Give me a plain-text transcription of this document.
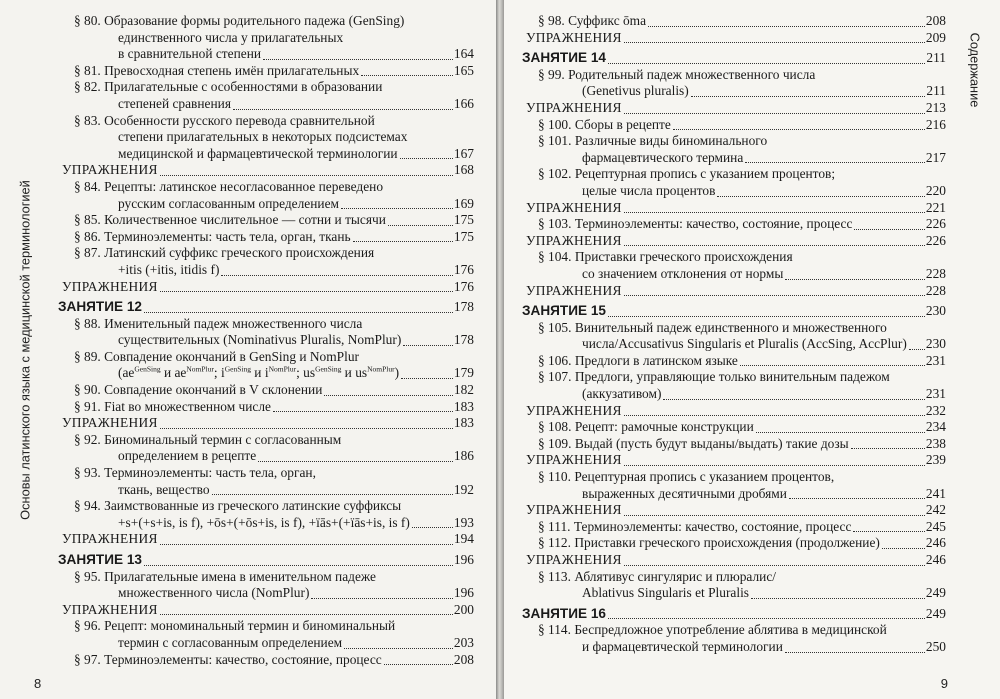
Основы латинского языка с медицинской терминологией
§ 80. Образование формы родительного падежа (GenSing)
единственного числа у прилагательных
в сравнительной степени	164
§ 81. Превосходная степень имён прилагательных	165
§ 82. Прилагательные с особенностями в образовании
степеней сравнения	166
§ 83. Особенности русского перевода сравнительной
степени прилагательных в некоторых подсистемах
медицинской и фармацевтической терминологии	167
УПРАЖНЕНИЯ	168
§ 84. Рецепты: латинское несогласованное переведено
русским согласованным определением	169
§ 85. Количественное числительное — сотни и тысячи	175
§ 86. Терминоэлементы: часть тела, орган, ткань	175
§ 87. Латинский суффикс греческого происхождения
+itis (+itis, itidis f)	176
УПРАЖНЕНИЯ	176
ЗАНЯТИЕ 12	178
§ 88. Именительный падеж множественного числа
существительных (Nominativus Pluralis, NomPlur)	178
§ 89. Совпадение окончаний в GenSing и NomPlur
($ae^{GenSing}$ и $ae^{NomPlur}$; $i^{GenSing}$ и $i^{NomPlur}$; $us^{GenSing}$ и $us^{NomPlur}$)	179
§ 90. Совпадение окончаний в V склонении	182
§ 91. Fiat во множественном числе	183
УПРАЖНЕНИЯ	183
§ 92. Биноминальный термин с согласованным
определением в рецепте	186
§ 93. Терминоэлементы: часть тела, орган,
ткань, вещество	192
§ 94. Заимствованные из греческого латинские суффиксы
+s+(+s+is, is f), +ōs+(+ōs+is, is f), +ïās+(+ïās+is, is f)	193
УПРАЖНЕНИЯ	194
ЗАНЯТИЕ 13	196
§ 95. Прилагательные имена в именительном падеже
множественного числа (NomPlur)	196
УПРАЖНЕНИЯ	200
§ 96. Рецепт: мономинальный термин и биноминальный
термин с согласованным определением	203
§ 97. Терминоэлементы: качество, состояние, процесс	208
8
Содержание
§ 98. Суффикс ōma	208
УПРАЖНЕНИЯ	209
ЗАНЯТИЕ 14	211
§ 99. Родительный падеж множественного числа
(Genetivus pluralis)	211
УПРАЖНЕНИЯ	213
§ 100. Сборы в рецепте	216
§ 101. Различные виды биноминального
фармацевтического термина	217
§ 102. Рецептурная пропись с указанием процентов;
целые числа процентов	220
УПРАЖНЕНИЯ	221
§ 103. Терминоэлементы: качество, состояние, процесс	226
УПРАЖНЕНИЯ	226
§ 104. Приставки греческого происхождения
со значением отклонения от нормы	228
УПРАЖНЕНИЯ	228
ЗАНЯТИЕ 15	230
§ 105. Винительный падеж единственного и множественного
числа/Accusativus Singularis et Pluralis (AccSing, AccPlur) 230
§ 106. Предлоги в латинском языке	231
§ 107. Предлоги, управляющие только винительным падежом
(аккузативом)	231
УПРАЖНЕНИЯ	232
§ 108. Рецепт: рамочные конструкции	234
§ 109. Выдай (пусть будут выданы/выдать) такие дозы	238
УПРАЖНЕНИЯ	239
§ 110. Рецептурная пропись с указанием процентов,
выраженных десятичными дробями	241
УПРАЖНЕНИЯ	242
§ 111. Терминоэлементы: качество, состояние, процесс	245
§ 112. Приставки греческого происхождения (продолжение)	246
УПРАЖНЕНИЯ	246
§ 113. Аблятивус сингулярис и плюралис/
Ablativus Singularis et Pluralis	249
ЗАНЯТИЕ 16	249
§ 114. Беспредложное употребление аблятива в медицинской
и фармацевтической терминологии	250
9
